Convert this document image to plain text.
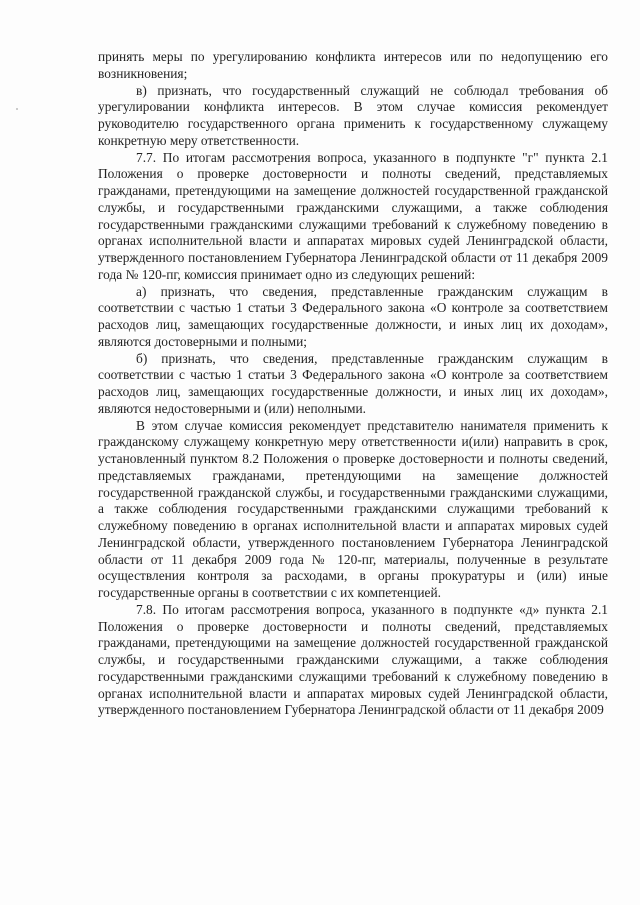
принять меры по урегулированию конфликта интересов или по недопущению его возникновения;

в) признать, что государственный служащий не соблюдал требования об урегулировании конфликта интересов. В этом случае комиссия рекомендует руководителю государственного органа применить к государственному служащему конкретную меру ответственности.

7.7. По итогам рассмотрения вопроса, указанного в подпункте "г" пункта 2.1 Положения о проверке достоверности и полноты сведений, представляемых гражданами, претендующими на замещение должностей государственной гражданской службы, и государственными гражданскими служащими, а также соблюдения государственными гражданскими служащими требований к служебному поведению в органах исполнительной власти и аппаратах мировых судей Ленинградской области, утвержденного постановлением Губернатора Ленинградской области от 11 декабря 2009 года № 120-пг, комиссия принимает одно из следующих решений:

а) признать, что сведения, представленные гражданским служащим в соответствии с частью 1 статьи 3 Федерального закона «О контроле за соответствием расходов лиц, замещающих государственные должности, и иных лиц их доходам», являются достоверными и полными;

б) признать, что сведения, представленные гражданским служащим в соответствии с частью 1 статьи 3 Федерального закона «О контроле за соответствием расходов лиц, замещающих государственные должности, и иных лиц их доходам», являются недостоверными и (или) неполными.

В этом случае комиссия рекомендует представителю нанимателя применить к гражданскому служащему конкретную меру ответственности и(или) направить в срок, установленный пунктом 8.2 Положения о проверке достоверности и полноты сведений, представляемых гражданами, претендующими на замещение должностей государственной гражданской службы, и государственными гражданскими служащими, а также соблюдения государственными гражданскими служащими требований к служебному поведению в органах исполнительной власти и аппаратах мировых судей Ленинградской области, утвержденного постановлением Губернатора Ленинградской области от 11 декабря 2009 года № 120-пг, материалы, полученные в результате осуществления контроля за расходами, в органы прокуратуры и (или) иные государственные органы в соответствии с их компетенцией.

7.8. По итогам рассмотрения вопроса, указанного в подпункте «д» пункта 2.1 Положения о проверке достоверности и полноты сведений, представляемых гражданами, претендующими на замещение должностей государственной гражданской службы, и государственными гражданскими служащими, а также соблюдения государственными гражданскими служащими требований к служебному поведению в органах исполнительной власти и аппаратах мировых судей Ленинградской области, утвержденного постановлением Губернатора Ленинградской области от 11 декабря 2009
